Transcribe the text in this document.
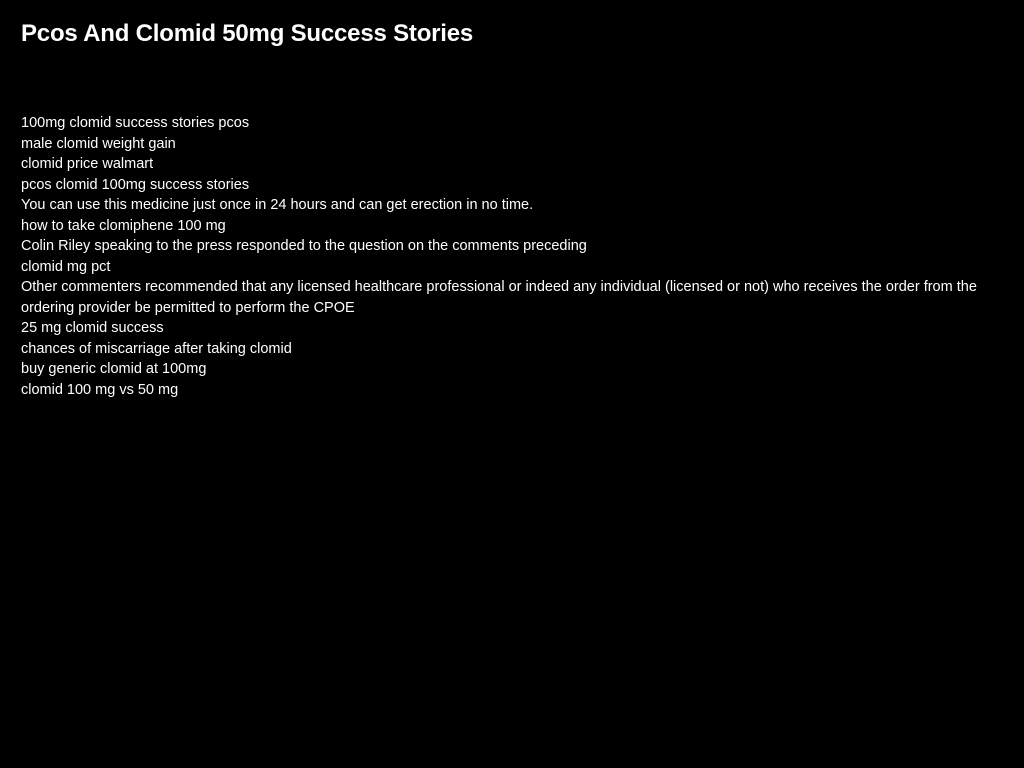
Pcos And Clomid 50mg Success Stories
100mg clomid success stories pcos
male clomid weight gain
clomid price walmart
pcos clomid 100mg success stories
You can use this medicine just once in 24 hours and can get erection in no time.
how to take clomiphene 100 mg
Colin Riley speaking to the press responded to the question on the comments preceding
clomid mg pct
Other commenters recommended that any licensed healthcare professional or indeed any individual (licensed or not) who receives the order from the ordering provider be permitted to perform the CPOE
25 mg clomid success
chances of miscarriage after taking clomid
buy generic clomid at 100mg
clomid 100 mg vs 50 mg
